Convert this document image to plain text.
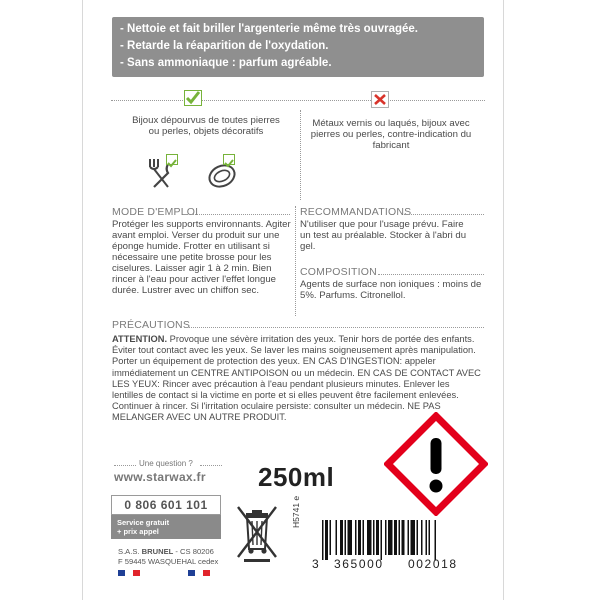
- Nettoie et fait briller l'argenterie même très ouvragée.
- Retarde la réaparition de l'oxydation.
- Sans ammoniaque : parfum agréable.
Bijoux dépourvus de toutes pierres ou perles, objets décoratifs
Métaux vernis ou laqués, bijoux avec pierres ou perles, contre-indication du fabricant
MODE D'EMPLOI
Protéger les supports environnants. Agiter avant emploi. Verser du produit sur une éponge humide. Frotter en utilisant si nécessaire une petite brosse pour les ciselures. Laisser agir 1 à 2 min. Bien rincer à l'eau pour activer l'effet longue durée. Lustrer avec un chiffon sec.
RECOMMANDATIONS
N'utiliser que pour l'usage prévu. Faire un test au préalable. Stocker à l'abri du gel.
COMPOSITION
Agents de surface non ioniques : moins de 5%. Parfums. Citronellol.
PRÉCAUTIONS
ATTENTION. Provoque une sévère irritation des yeux. Tenir hors de portée des enfants. Éviter tout contact avec les yeux. Se laver les mains soigneusement après manipulation. Porter un équipement de protection des yeux. EN CAS D'INGESTION: appeler immédiatement un CENTRE ANTIPOISON ou un médecin. EN CAS DE CONTACT AVEC LES YEUX: Rincer avec précaution à l'eau pendant plusieurs minutes. Enlever les lentilles de contact si la victime en porte et si elles peuvent être facilement enlevées. Continuer à rincer. Si l'irritation oculaire persiste: consulter un médecin. NE PAS MELANGER AVEC UN AUTRE PRODUIT.
Une question ?
www.starwax.fr
0 806 601 101
Service gratuit
+ prix appel
S.A.S. BRUNEL - CS 80206
F 59445 WASQUEHAL cedex
250ml
H5741 e
3 365000 002018
